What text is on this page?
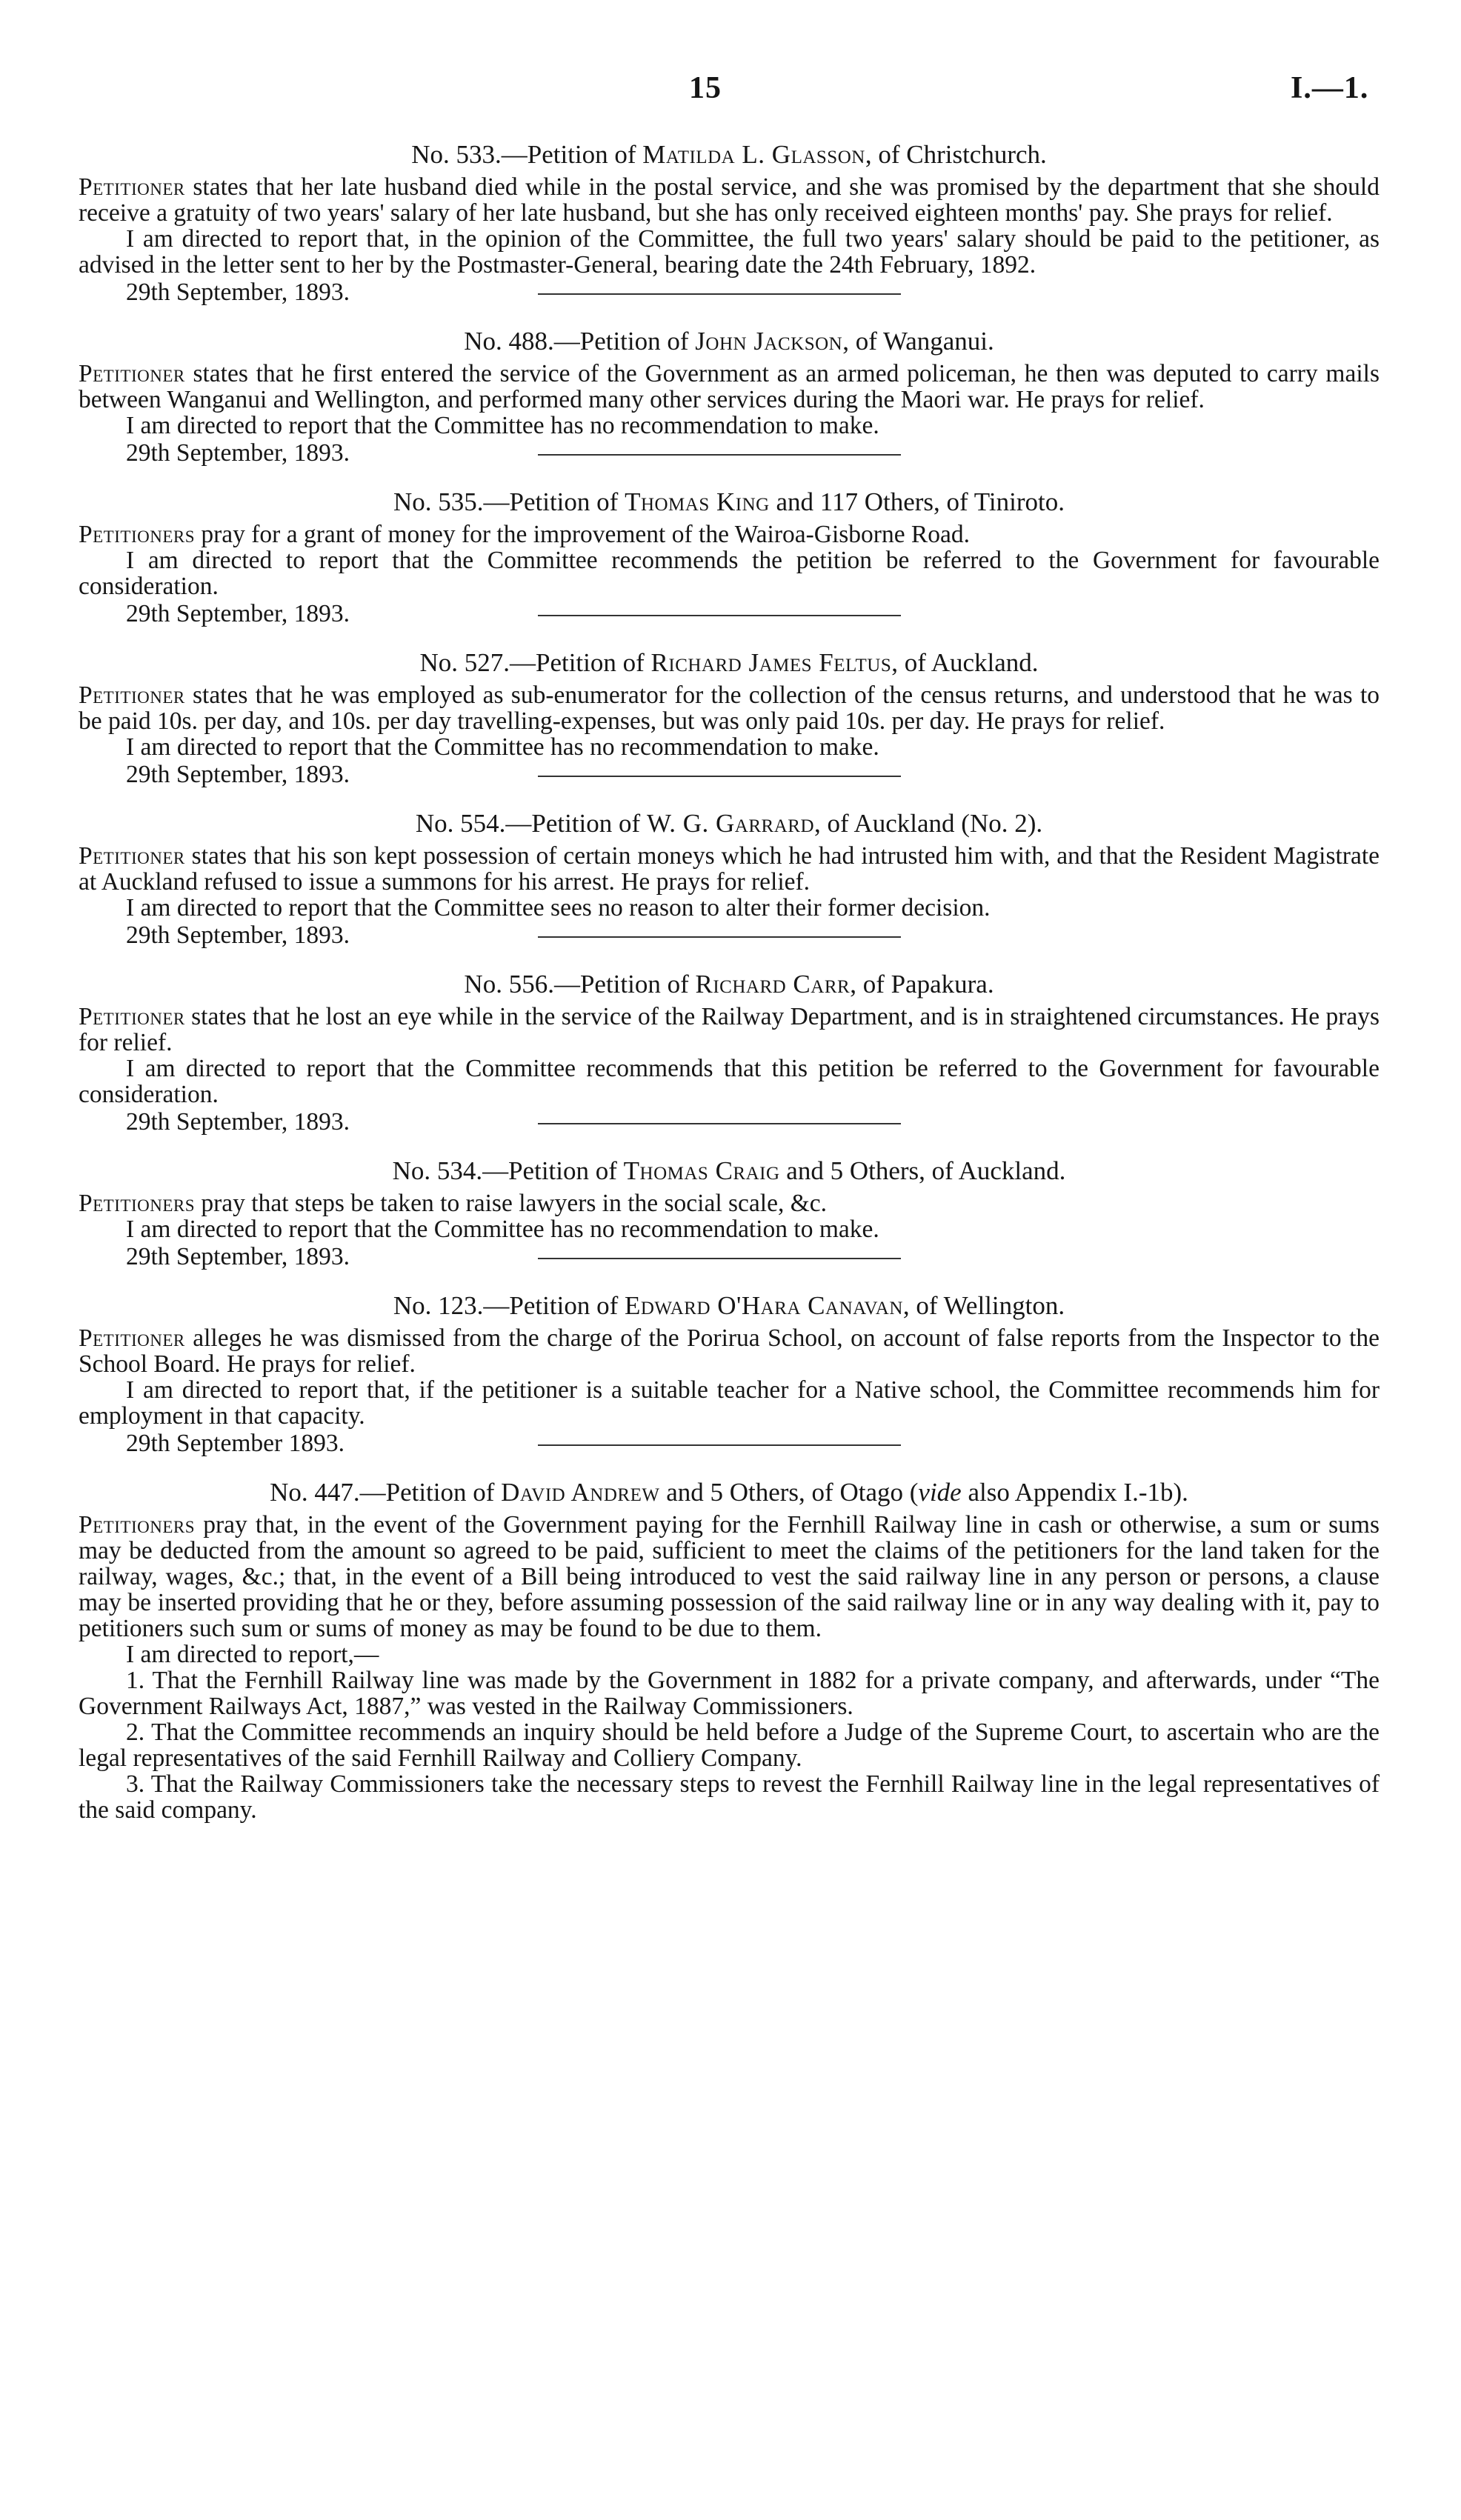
15	I.—1.

No. 533.—Petition of Matilda L. Glasson, of Christchurch.

Petitioner states that her late husband died while in the postal service, and she was promised by the department that she should receive a gratuity of two years' salary of her late husband, but she has only received eighteen months' pay. She prays for relief.

I am directed to report that, in the opinion of the Committee, the full two years' salary should be paid to the petitioner, as advised in the letter sent to her by the Postmaster-General, bearing date the 24th February, 1892.

29th September, 1893.

No. 488.—Petition of John Jackson, of Wanganui.

Petitioner states that he first entered the service of the Government as an armed policeman, he then was deputed to carry mails between Wanganui and Wellington, and performed many other services during the Maori war. He prays for relief.

I am directed to report that the Committee has no recommendation to make.

29th September, 1893.

No. 535.—Petition of Thomas King and 117 Others, of Tiniroto.

Petitioners pray for a grant of money for the improvement of the Wairoa-Gisborne Road.

I am directed to report that the Committee recommends the petition be referred to the Government for favourable consideration.

29th September, 1893.

No. 527.—Petition of Richard James Feltus, of Auckland.

Petitioner states that he was employed as sub-enumerator for the collection of the census returns, and understood that he was to be paid 10s. per day, and 10s. per day travelling-expenses, but was only paid 10s. per day. He prays for relief.

I am directed to report that the Committee has no recommendation to make.

29th September, 1893.

No. 554.—Petition of W. G. Garrard, of Auckland (No. 2).

Petitioner states that his son kept possession of certain moneys which he had intrusted him with, and that the Resident Magistrate at Auckland refused to issue a summons for his arrest. He prays for relief.

I am directed to report that the Committee sees no reason to alter their former decision.

29th September, 1893.

No. 556.—Petition of Richard Carr, of Papakura.

Petitioner states that he lost an eye while in the service of the Railway Department, and is in straightened circumstances. He prays for relief.

I am directed to report that the Committee recommends that this petition be referred to the Government for favourable consideration.

29th September, 1893.

No. 534.—Petition of Thomas Craig and 5 Others, of Auckland.

Petitioners pray that steps be taken to raise lawyers in the social scale, &c.

I am directed to report that the Committee has no recommendation to make.

29th September, 1893.

No. 123.—Petition of Edward O'Hara Canavan, of Wellington.

Petitioner alleges he was dismissed from the charge of the Porirua School, on account of false reports from the Inspector to the School Board. He prays for relief.

I am directed to report that, if the petitioner is a suitable teacher for a Native school, the Committee recommends him for employment in that capacity.

29th September 1893.

No. 447.—Petition of David Andrew and 5 Others, of Otago (vide also Appendix I.-1b).

Petitioners pray that, in the event of the Government paying for the Fernhill Railway line in cash or otherwise, a sum or sums may be deducted from the amount so agreed to be paid, sufficient to meet the claims of the petitioners for the land taken for the railway, wages, &c.; that, in the event of a Bill being introduced to vest the said railway line in any person or persons, a clause may be inserted providing that he or they, before assuming possession of the said railway line or in any way dealing with it, pay to petitioners such sum or sums of money as may be found to be due to them.

I am directed to report,—

1. That the Fernhill Railway line was made by the Government in 1882 for a private company, and afterwards, under “The Government Railways Act, 1887,” was vested in the Railway Commissioners.

2. That the Committee recommends an inquiry should be held before a Judge of the Supreme Court, to ascertain who are the legal representatives of the said Fernhill Railway and Colliery Company.

3. That the Railway Commissioners take the necessary steps to revest the Fernhill Railway line in the legal representatives of the said company.
